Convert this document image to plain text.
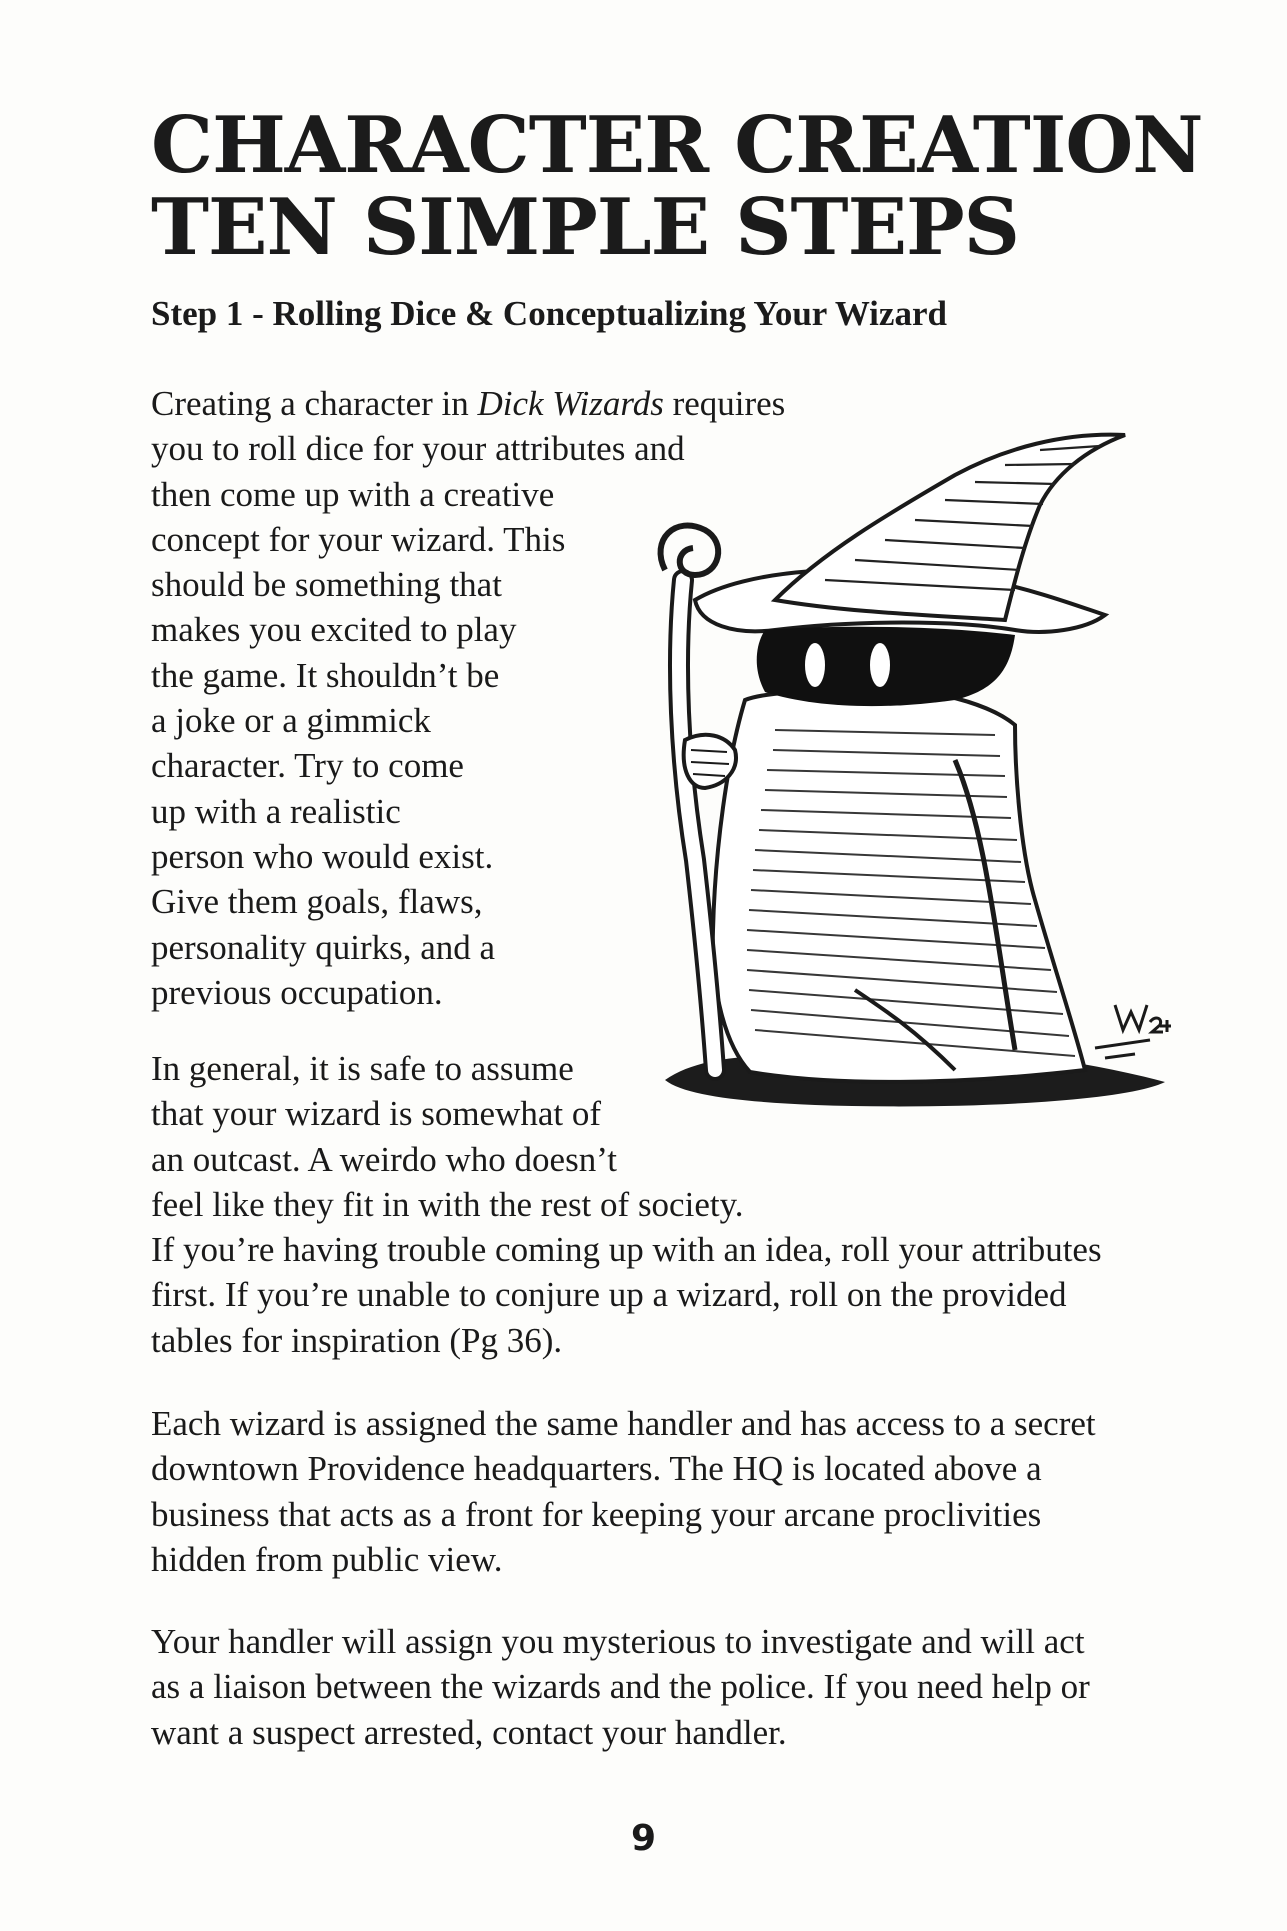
CHARACTER CREATION
TEN SIMPLE STEPS
Step 1 - Rolling Dice & Conceptualizing Your Wizard

Creating a character in Dick Wizards requires
you to roll dice for your attributes and
then come up with a creative
concept for your wizard. This
should be something that
makes you excited to play
the game. It shouldn’t be
a joke or a gimmick
character. Try to come
up with a realistic
person who would exist.
Give them goals, flaws,
personality quirks, and a
previous occupation.

In general, it is safe to assume
that your wizard is somewhat of
an outcast. A weirdo who doesn’t
feel like they fit in with the rest of society.
If you’re having trouble coming up with an idea, roll your attributes
first. If you’re unable to conjure up a wizard, roll on the provided
tables for inspiration (Pg 36).

Each wizard is assigned the same handler and has access to a secret
downtown Providence headquarters. The HQ is located above a
business that acts as a front for keeping your arcane proclivities
hidden from public view.

Your handler will assign you mysterious to investigate and will act
as a liaison between the wizards and the police. If you need help or
want a suspect arrested, contact your handler.

9
